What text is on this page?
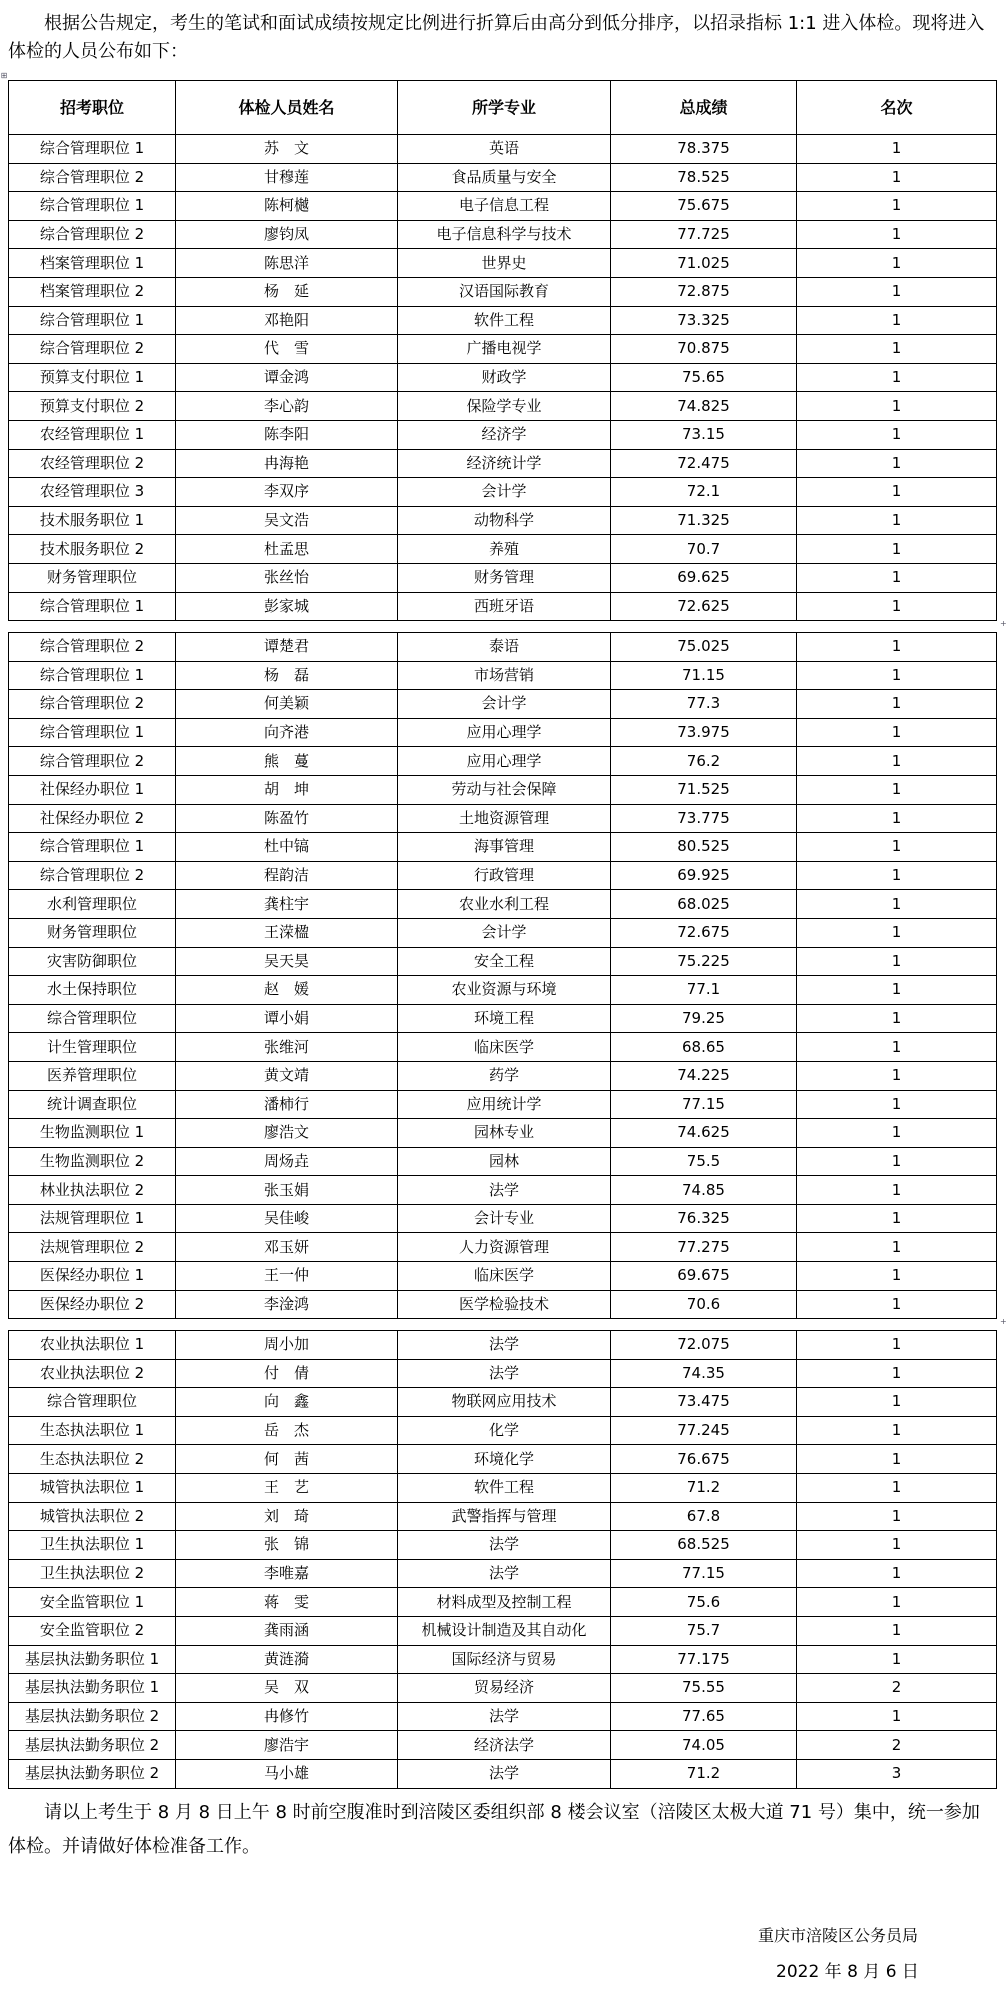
根据公告规定，考生的笔试和面试成绩按规定比例进行折算后由高分到低分排序，以招录指标 1:1 进入体检。现将进入体检的人员公布如下：

⊞
+
+
招考职位	体检人员姓名	所学专业	总成绩	名次
综合管理职位 1	苏　文	英语	78.375	1
综合管理职位 2	甘穆莲	食品质量与安全	78.525	1
综合管理职位 1	陈柯樾	电子信息工程	75.675	1
综合管理职位 2	廖钧凤	电子信息科学与技术	77.725	1
档案管理职位 1	陈思洋	世界史	71.025	1
档案管理职位 2	杨　延	汉语国际教育	72.875	1
综合管理职位 1	邓艳阳	软件工程	73.325	1
综合管理职位 2	代　雪	广播电视学	70.875	1
预算支付职位 1	谭金鸿	财政学	75.65	1
预算支付职位 2	李心韵	保险学专业	74.825	1
农经管理职位 1	陈李阳	经济学	73.15	1
农经管理职位 2	冉海艳	经济统计学	72.475	1
农经管理职位 3	李双序	会计学	72.1	1
技术服务职位 1	吴文浩	动物科学	71.325	1
技术服务职位 2	杜孟思	养殖	70.7	1
财务管理职位	张丝怡	财务管理	69.625	1
综合管理职位 1	彭家城	西班牙语	72.625	1
综合管理职位 2	谭楚君	泰语	75.025	1
综合管理职位 1	杨　磊	市场营销	71.15	1
综合管理职位 2	何美颖	会计学	77.3	1
综合管理职位 1	向齐港	应用心理学	73.975	1
综合管理职位 2	熊　蔓	应用心理学	76.2	1
社保经办职位 1	胡　坤	劳动与社会保障	71.525	1
社保经办职位 2	陈盈竹	土地资源管理	73.775	1
综合管理职位 1	杜中镐	海事管理	80.525	1
综合管理职位 2	程韵洁	行政管理	69.925	1
水利管理职位	龚柱宇	农业水利工程	68.025	1
财务管理职位	王溁楹	会计学	72.675	1
灾害防御职位	吴天昊	安全工程	75.225	1
水土保持职位	赵　媛	农业资源与环境	77.1	1
综合管理职位	谭小娟	环境工程	79.25	1
计生管理职位	张维河	临床医学	68.65	1
医养管理职位	黄文靖	药学	74.225	1
统计调查职位	潘柿行	应用统计学	77.15	1
生物监测职位 1	廖浩文	园林专业	74.625	1
生物监测职位 2	周炀垚	园林	75.5	1
林业执法职位 2	张玉娟	法学	74.85	1
法规管理职位 1	吴佳峻	会计专业	76.325	1
法规管理职位 2	邓玉妍	人力资源管理	77.275	1
医保经办职位 1	王一仲	临床医学	69.675	1
医保经办职位 2	李淦鸿	医学检验技术	70.6	1
农业执法职位 1	周小加	法学	72.075	1
农业执法职位 2	付　倩	法学	74.35	1
综合管理职位	向　鑫	物联网应用技术	73.475	1
生态执法职位 1	岳　杰	化学	77.245	1
生态执法职位 2	何　茜	环境化学	76.675	1
城管执法职位 1	王　艺	软件工程	71.2	1
城管执法职位 2	刘　琦	武警指挥与管理	67.8	1
卫生执法职位 1	张　锦	法学	68.525	1
卫生执法职位 2	李唯嘉	法学	77.15	1
安全监管职位 1	蒋　雯	材料成型及控制工程	75.6	1
安全监管职位 2	龚雨涵	机械设计制造及其自动化	75.7	1
基层执法勤务职位 1	黄涟漪	国际经济与贸易	77.175	1
基层执法勤务职位 1	吴　双	贸易经济	75.55	2
基层执法勤务职位 2	冉修竹	法学	77.65	1
基层执法勤务职位 2	廖浩宇	经济法学	74.05	2
基层执法勤务职位 2	马小雄	法学	71.2	3

请以上考生于 8 月 8 日上午 8 时前空腹准时到涪陵区委组织部 8 楼会议室（涪陵区太极大道 71 号）集中，统一参加体检。并请做好体检准备工作。

重庆市涪陵区公务员局
2022 年 8 月 6 日
